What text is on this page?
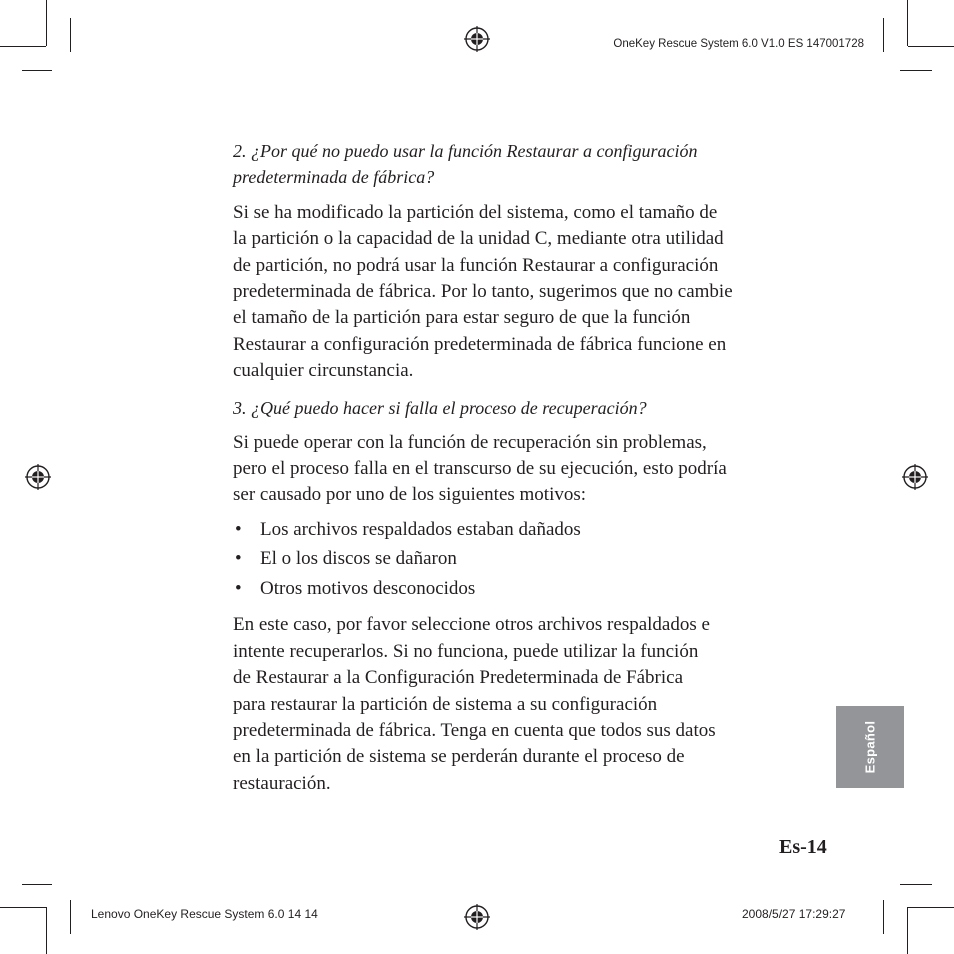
OneKey Rescue System 6.0 V1.0 ES 147001728

2. ¿Por qué no puedo usar la función Restaurar a configuración
predeterminada de fábrica?

Si se ha modificado la partición del sistema, como el tamaño de
la partición o la capacidad de la unidad C, mediante otra utilidad
de partición, no podrá usar la función Restaurar a configuración
predeterminada de fábrica. Por lo tanto, sugerimos que no cambie
el tamaño de la partición para estar seguro de que la función
Restaurar a configuración predeterminada de fábrica funcione en
cualquier circunstancia.

3. ¿Qué puedo hacer si falla el proceso de recuperación?

Si puede operar con la función de recuperación sin problemas,
pero el proceso falla en el transcurso de su ejecución, esto podría
ser causado por uno de los siguientes motivos:

• Los archivos respaldados estaban dañados
• El o los discos se dañaron
• Otros motivos desconocidos

En este caso, por favor seleccione otros archivos respaldados e
intente recuperarlos. Si no funciona, puede utilizar la función
de Restaurar a la Configuración Predeterminada de Fábrica
para restaurar la partición de sistema a su configuración
predeterminada de fábrica. Tenga en cuenta que todos sus datos
en la partición de sistema se perderán durante el proceso de
restauración.

Español
Es-14
Lenovo OneKey Rescue System 6.0 14 14	2008/5/27 17:29:27
